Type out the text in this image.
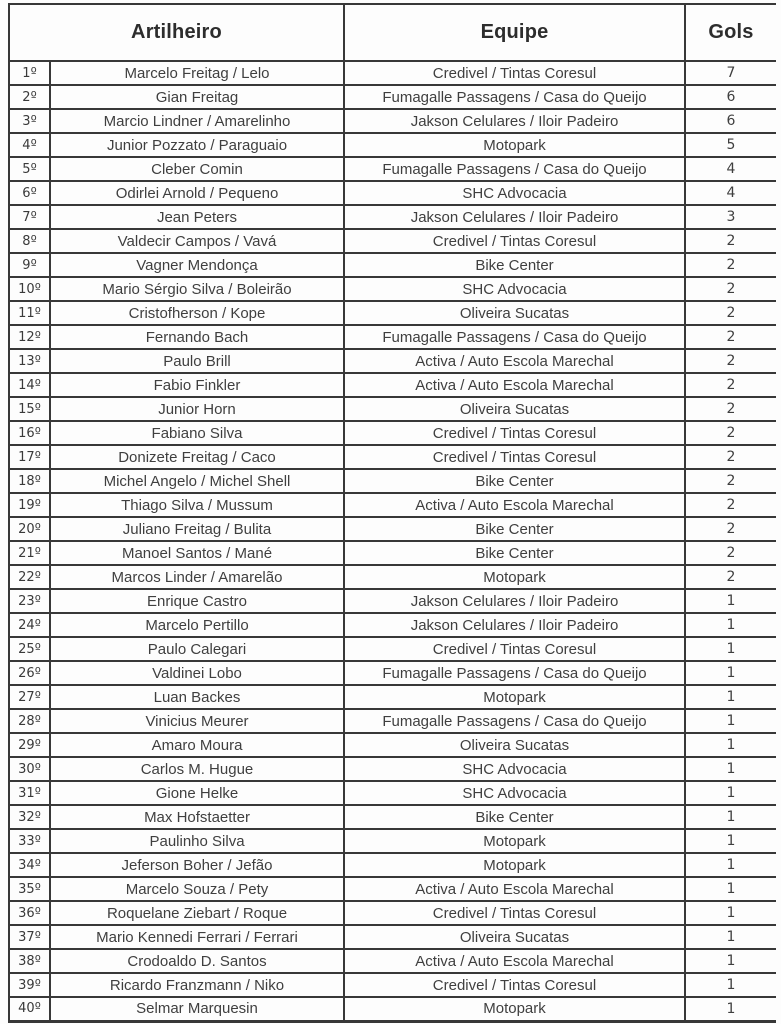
Artilheiro		Equipe	Gols
1º	Marcelo Freitag / Lelo	Credivel / Tintas Coresul	7
2º	Gian Freitag	Fumagalle Passagens / Casa do Queijo	6
3º	Marcio Lindner / Amarelinho	Jakson Celulares / Iloir Padeiro	6
4º	Junior Pozzato / Paraguaio	Motopark	5
5º	Cleber Comin	Fumagalle Passagens / Casa do Queijo	4
6º	Odirlei Arnold / Pequeno	SHC Advocacia	4
7º	Jean Peters	Jakson Celulares / Iloir Padeiro	3
8º	Valdecir Campos / Vavá	Credivel / Tintas Coresul	2
9º	Vagner Mendonça	Bike Center	2
10º	Mario Sérgio Silva / Boleirão	SHC Advocacia	2
11º	Cristofherson / Kope	Oliveira Sucatas	2
12º	Fernando Bach	Fumagalle Passagens / Casa do Queijo	2
13º	Paulo Brill	Activa / Auto Escola Marechal	2
14º	Fabio Finkler	Activa / Auto Escola Marechal	2
15º	Junior Horn	Oliveira Sucatas	2
16º	Fabiano Silva	Credivel / Tintas Coresul	2
17º	Donizete Freitag / Caco	Credivel / Tintas Coresul	2
18º	Michel Angelo / Michel Shell	Bike Center	2
19º	Thiago Silva / Mussum	Activa / Auto Escola Marechal	2
20º	Juliano Freitag / Bulita	Bike Center	2
21º	Manoel Santos / Mané	Bike Center	2
22º	Marcos Linder / Amarelão	Motopark	2
23º	Enrique Castro	Jakson Celulares / Iloir Padeiro	1
24º	Marcelo Pertillo	Jakson Celulares / Iloir Padeiro	1
25º	Paulo Calegari	Credivel / Tintas Coresul	1
26º	Valdinei Lobo	Fumagalle Passagens / Casa do Queijo	1
27º	Luan Backes	Motopark	1
28º	Vinicius Meurer	Fumagalle Passagens / Casa do Queijo	1
29º	Amaro Moura	Oliveira Sucatas	1
30º	Carlos M. Hugue	SHC Advocacia	1
31º	Gione Helke	SHC Advocacia	1
32º	Max Hofstaetter	Bike Center	1
33º	Paulinho Silva	Motopark	1
34º	Jeferson Boher / Jefão	Motopark	1
35º	Marcelo Souza / Pety	Activa / Auto Escola Marechal	1
36º	Roquelane Ziebart / Roque	Credivel / Tintas Coresul	1
37º	Mario Kennedi Ferrari / Ferrari	Oliveira Sucatas	1
38º	Crodoaldo D. Santos	Activa / Auto Escola Marechal	1
39º	Ricardo Franzmann / Niko	Credivel / Tintas Coresul	1
40º	Selmar Marquesin	Motopark	1
